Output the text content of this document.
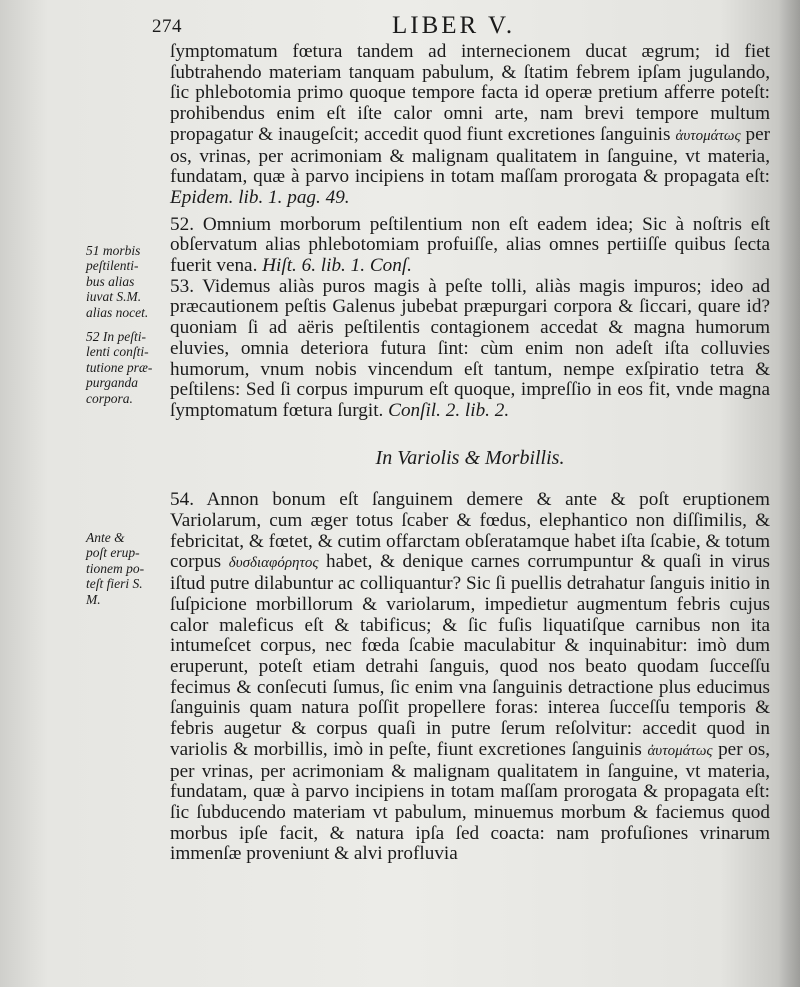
274	LIBER V.
51 morbis
peſtilenti-
bus alias
iuvat S.M.
alias nocet.
52 In peſti-
lenti conſti-
tutione præ-
purganda
corpora.
Ante &
poſt erup-
tionem po-
teſt fieri S.
M.

ſymptomatum fœtura tandem ad internecionem ducat ægrum; id fiet ſubtrahendo materiam tanquam pabulum, & ſtatim febrem ipſam jugulando, ſic phlebotomia primo quoque tempore facta id operæ pretium afferre poteſt: prohibendus enim eſt iſte calor omni arte, nam brevi tempore multum propagatur & inaugeſcit; accedit quod fiunt excretiones ſanguinis ἀυτομάτως per os, vrinas, per acrimoniam & malignam qualitatem in ſanguine, vt materia, fundatam, quæ à parvo incipiens in totam maſſam prorogata & propagata eſt: Epidem. lib. 1. pag. 49.

52. Omnium morborum peſtilentium non eſt eadem idea; Sic à noſtris eſt obſervatum alias phlebotomiam profuiſſe, alias omnes pertiiſſe quibus ſecta fuerit vena. Hiſt. 6. lib. 1. Conſ.

53. Videmus aliàs puros magis à peſte tolli, aliàs magis impuros; ideo ad præcautionem peſtis Galenus jubebat præpurgari corpora & ſiccari, quare id? quoniam ſi ad aëris peſtilentis contagionem accedat & magna humorum eluvies, omnia deteriora futura ſint: cùm enim non adeſt iſta colluvies humorum, vnum nobis vincendum eſt tantum, nempe exſpiratio tetra & peſtilens: Sed ſi corpus impurum eſt quoque, impreſſio in eos fit, vnde magna ſymptomatum fœtura ſurgit. Conſil. 2. lib. 2.

In Variolis & Morbillis.

54. Annon bonum eſt ſanguinem demere & ante & poſt eruptionem Variolarum, cum æger totus ſcaber & fœdus, elephantico non diſſimilis, & febricitat, & fœtet, & cutim offarctam obſeratamque habet iſta ſcabie, & totum corpus δυσδιαφόρητος habet, & denique carnes corrumpuntur & quaſi in virus iſtud putre dilabuntur ac colliquantur? Sic ſi puellis detrahatur ſanguis initio in ſuſpicione morbillorum & variolarum, impedietur augmentum febris cujus calor maleficus eſt & tabificus; & ſic fuſis liquatiſque carnibus non ita intumeſcet corpus, nec fœda ſcabie maculabitur & inquinabitur: imò dum eruperunt, poteſt etiam detrahi ſanguis, quod nos beato quodam ſucceſſu fecimus & conſecuti ſumus, ſic enim vna ſanguinis detractione plus educimus ſanguinis quam natura poſſit propellere foras: interea ſucceſſu temporis & febris augetur & corpus quaſi in putre ſerum reſolvitur: accedit quod in variolis & morbillis, imò in peſte, fiunt excretiones ſanguinis ἀυτομάτως per os, per vrinas, per acrimoniam & malignam qualitatem in ſanguine, vt materia, fundatam, quæ à parvo incipiens in totam maſſam prorogata & propagata eſt: ſic ſubducendo materiam vt pabulum, minuemus morbum & faciemus quod morbus ipſe facit, & natura ipſa ſed coacta: nam profuſiones vrinarum immenſæ proveniunt & alvi profluvia
